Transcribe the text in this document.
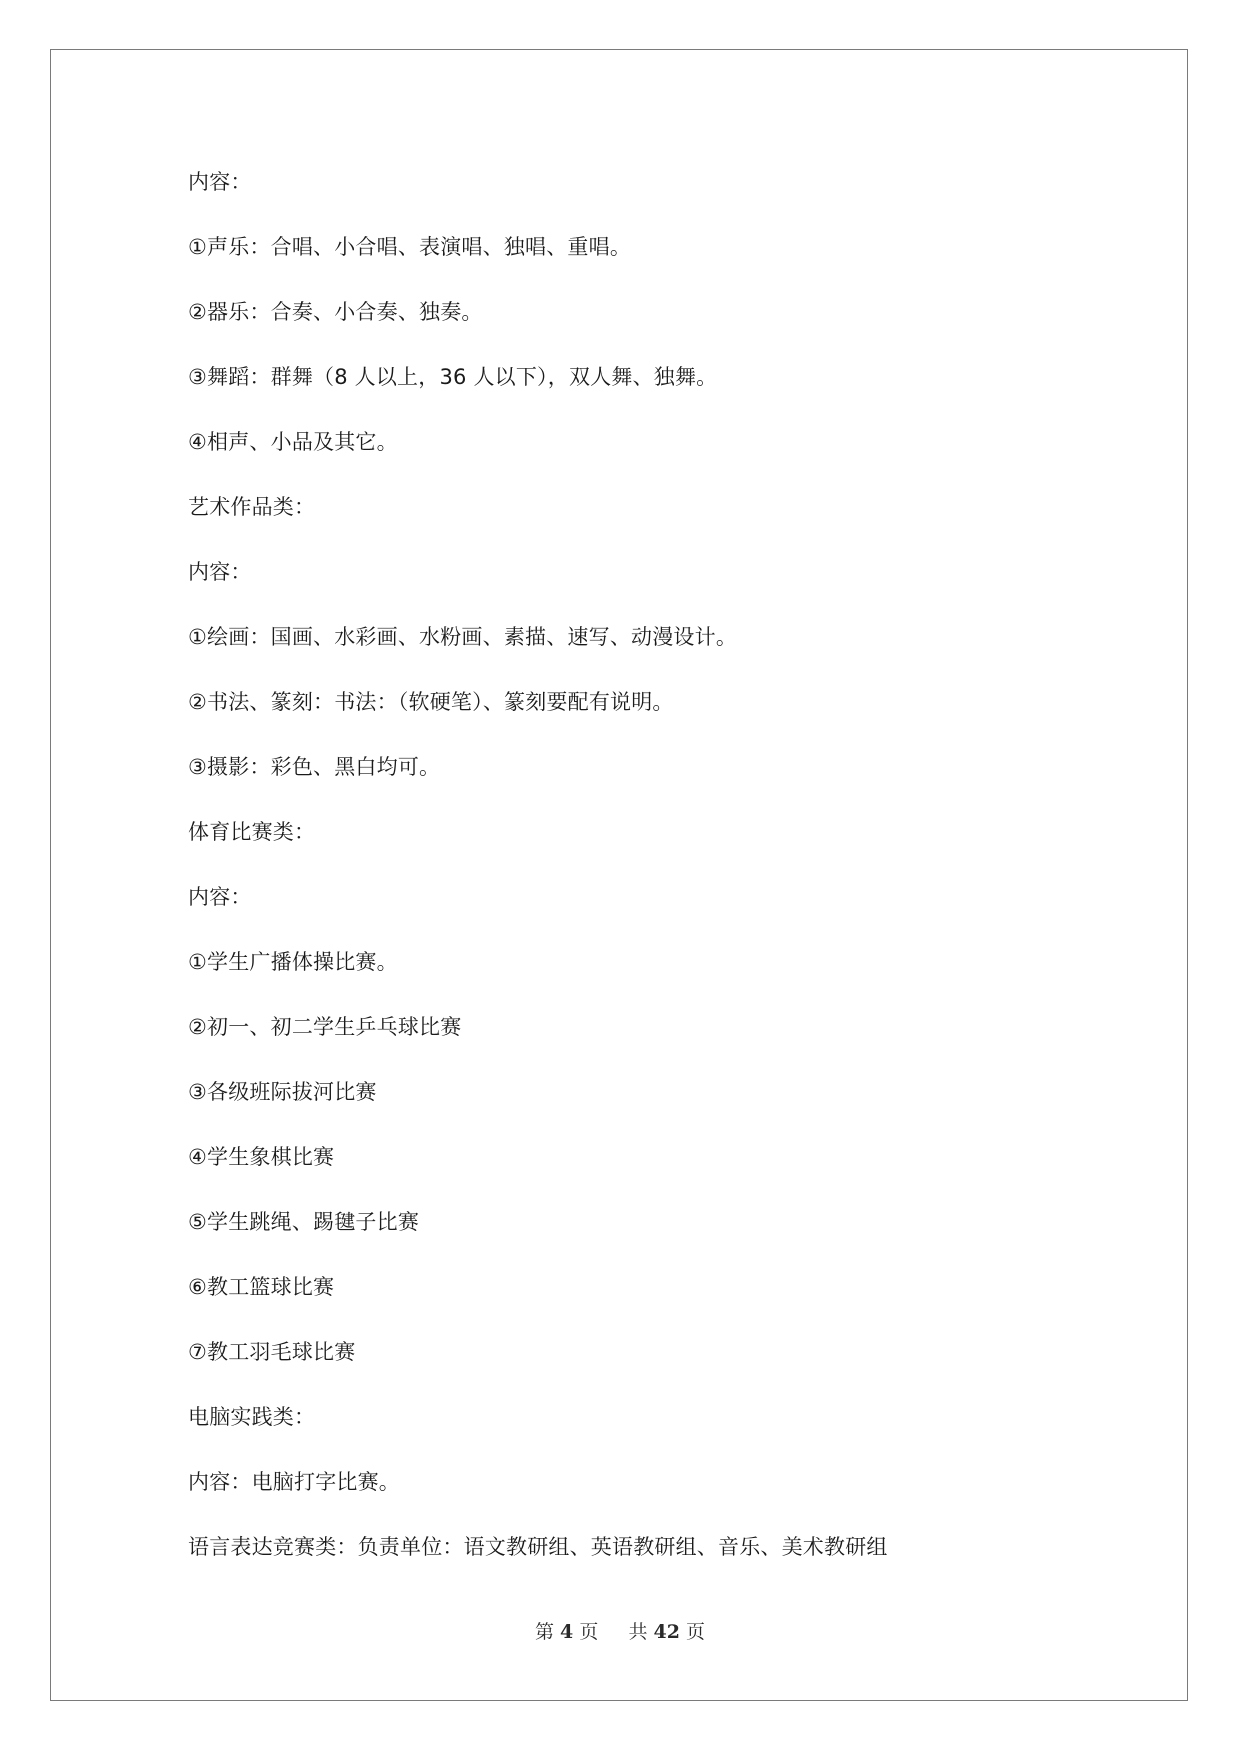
内容：
①声乐：合唱、小合唱、表演唱、独唱、重唱。
②器乐：合奏、小合奏、独奏。
③舞蹈：群舞（8 人以上，36 人以下），双人舞、独舞。
④相声、小品及其它。
艺术作品类：
内容：
①绘画：国画、水彩画、水粉画、素描、速写、动漫设计。
②书法、篆刻：书法：（软硬笔）、篆刻要配有说明。
③摄影：彩色、黑白均可。
体育比赛类：
内容：
①学生广播体操比赛。
②初一、初二学生乒乓球比赛
③各级班际拔河比赛
④学生象棋比赛
⑤学生跳绳、踢毽子比赛
⑥教工篮球比赛
⑦教工羽毛球比赛
电脑实践类：
内容：电脑打字比赛。
语言表达竞赛类：负责单位：语文教研组、英语教研组、音乐、美术教研组
第 4 页 共 42 页
